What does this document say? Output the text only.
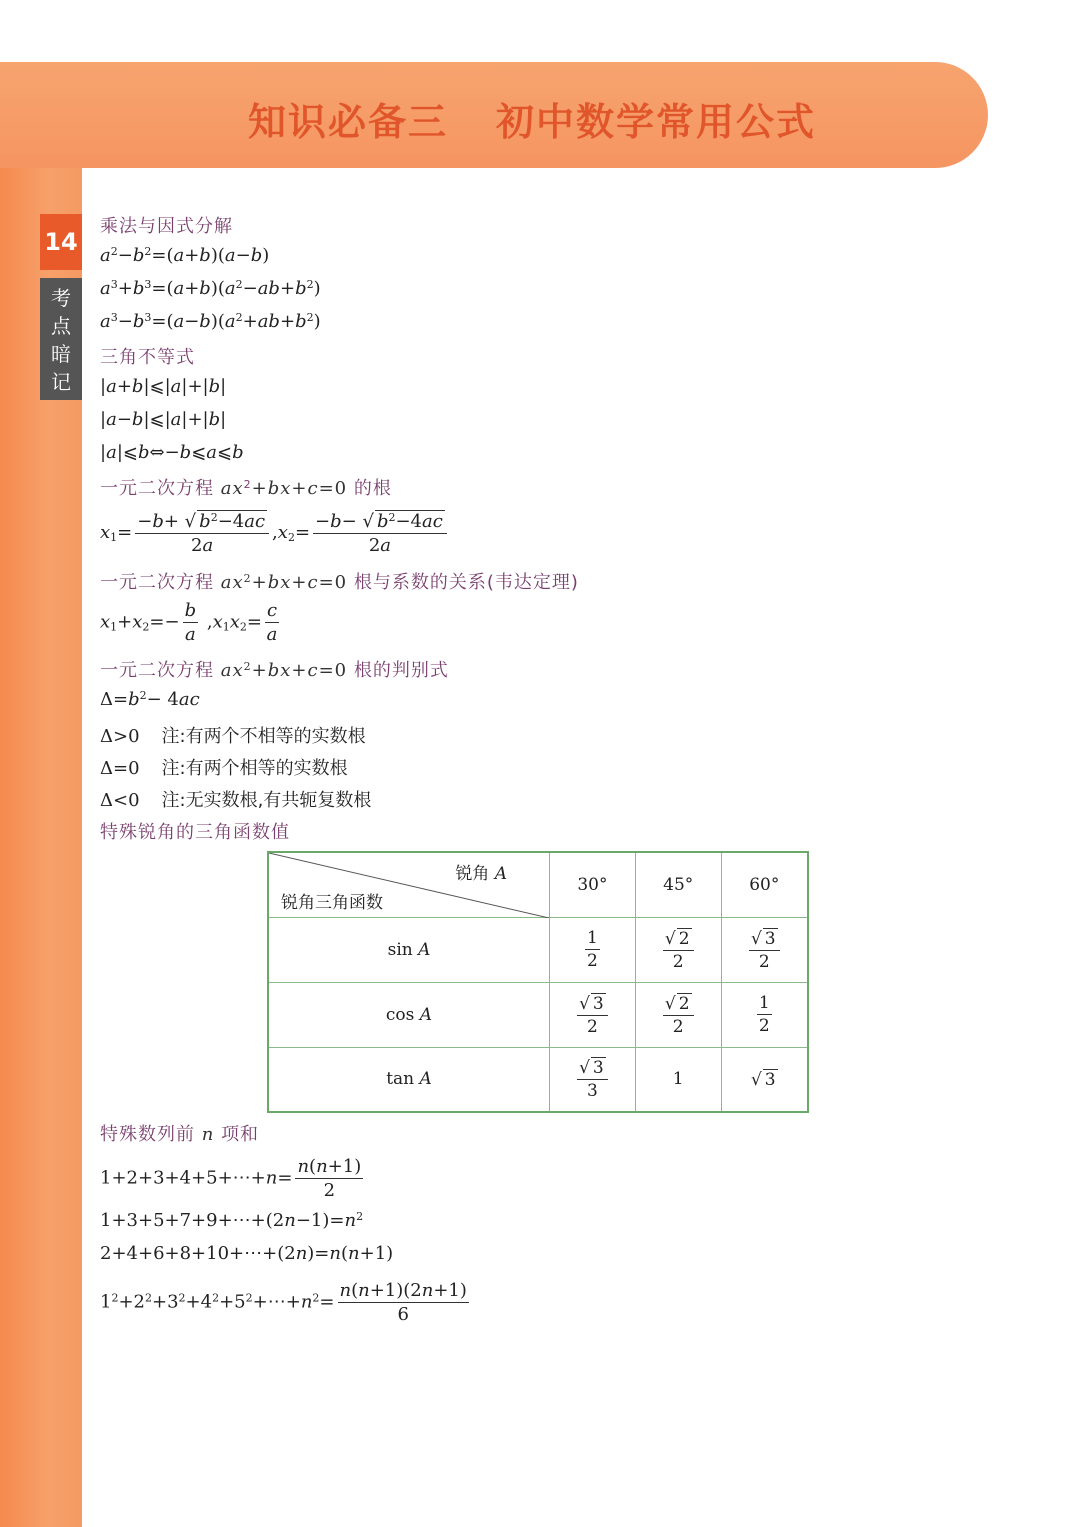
知识必备三 初中数学常用公式
14
考
点
暗
记
乘法与因式分解
$a^2-b^2=(a+b)(a-b)$
$a^3+b^3=(a+b)(a^2-ab+b^2)$
$a^3-b^3=(a-b)(a^2+ab+b^2)$
三角不等式
|a+b|⩽|a|+|b|
|a−b|⩽|a|+|b|
|a|⩽b⇔−b⩽a⩽b
一元二次方程 $ax^2+bx+c=0$ 的根
$x_1= \frac{-b+ √ b^2-4ac}{2a} ,x_2= \frac{-b- √ b^2-4ac}{2a}$
一元二次方程 $ax^2+bx+c=0$ 根与系数的关系(韦达定理)
$x_1+x_2=- \frac{b}{a} ,x_1x_2= \frac{c}{a}$
一元二次方程 $ax^2+bx+c=0$ 根的判别式
$\Delta=b^2- 4ac$
Δ>0 注:有两个不相等的实数根
Δ=0 注:有两个相等的实数根
Δ<0 注:无实数根,有共轭复数根
特殊锐角的三角函数值
特殊数列前 n 项和
1+2+3+4+5+⋯+n= $\frac{n(n+1)}{2}$
$1+3+5+7+9+\cdots+(2n-1)=n^2$
2+4+6+8+10+⋯+(2n)=n(n+1)
$1^2+2^2+3^2+4^2+5^2+\cdots+n^2= \frac{n(n+1)(2n+1)}{6}$
锐角 A
锐角三角函数	30°	45°	60°
sin A	$\frac{1}{2}$	$\frac{√ 2}{2}$	$\frac{√ 3}{2}$

cos A	$\frac{√ 3}{2}$	$\frac{√ 2}{2}$	$\frac{1}{2}$

tan A	$\frac{√ 3}{3}$	1	√ 3
